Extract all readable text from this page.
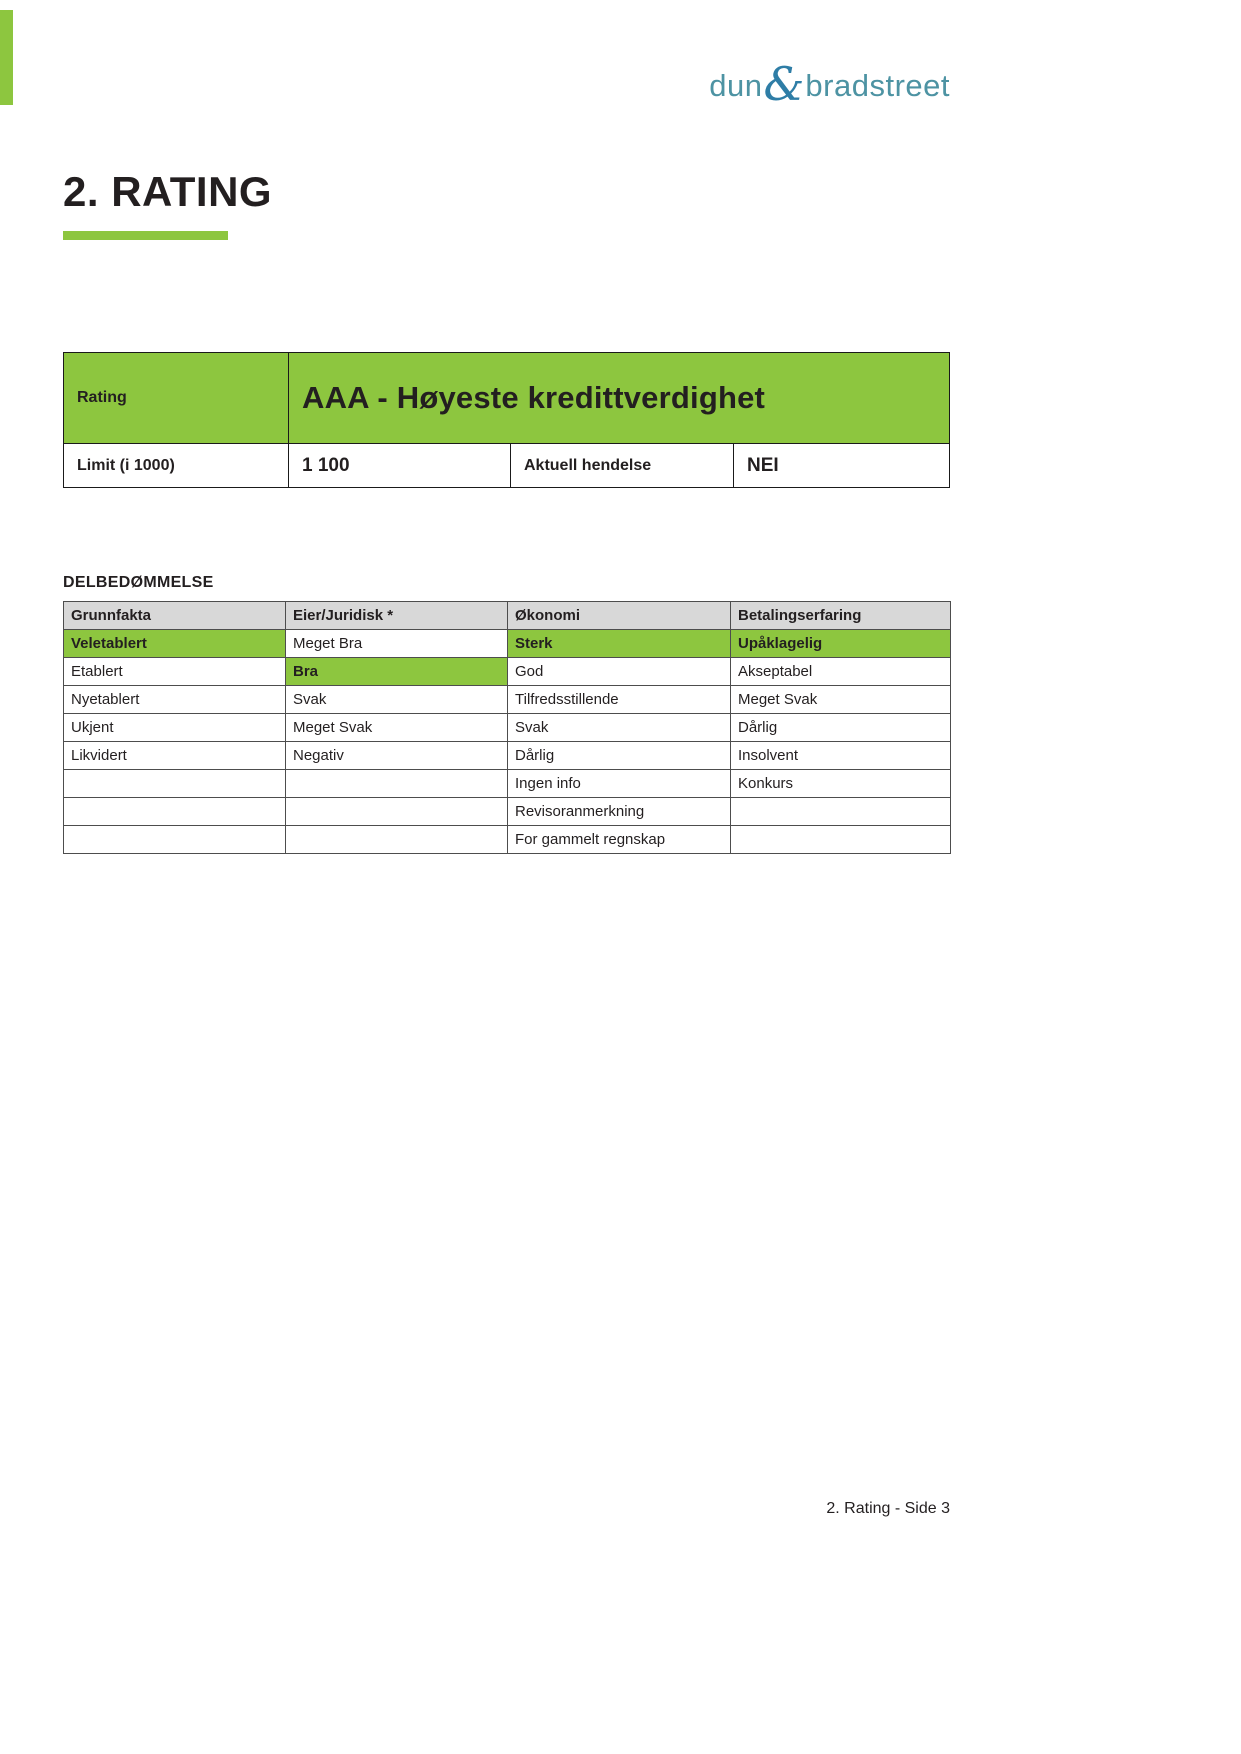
dun & bradstreet
2. RATING
Rating	AAA - Høyeste kredittverdighet
Limit (i 1000)	1 100	Aktuell hendelse	NEI
DELBEDØMMELSE
Grunnfakta	Eier/Juridisk *	Økonomi	Betalingserfaring
Veletablert	Meget Bra	Sterk	Upåklagelig
Etablert	Bra	God	Akseptabel
Nyetablert	Svak	Tilfredsstillende	Meget Svak
Ukjent	Meget Svak	Svak	Dårlig
Likvidert	Negativ	Dårlig	Insolvent
		Ingen info	Konkurs
		Revisoranmerkning	
		For gammelt regnskap	
2. Rating - Side 3
